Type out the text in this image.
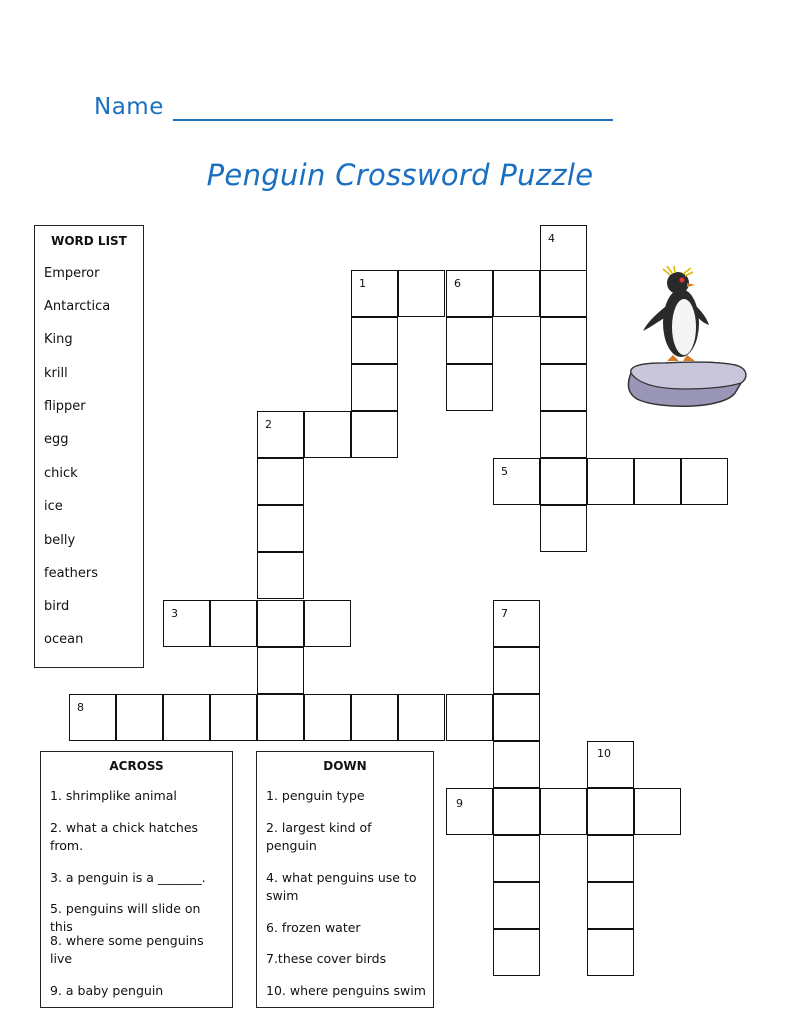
Name
Penguin Crossword Puzzle
WORD LIST
Emperor
Antarctica
King
krill
flipper
egg
chick
ice
belly
feathers
bird
ocean
4
1	6
2
5
3	7
8
10
9
ACROSS
1. shrimplike animal
2. what a chick hatches from.
3. a penguin is a _______.
5. penguins will slide on this
8. where some penguins live
9. a baby penguin
DOWN
1. penguin type
2. largest kind of penguin
4. what penguins use to swim
6. frozen water
7.these cover birds
10. where penguins swim
